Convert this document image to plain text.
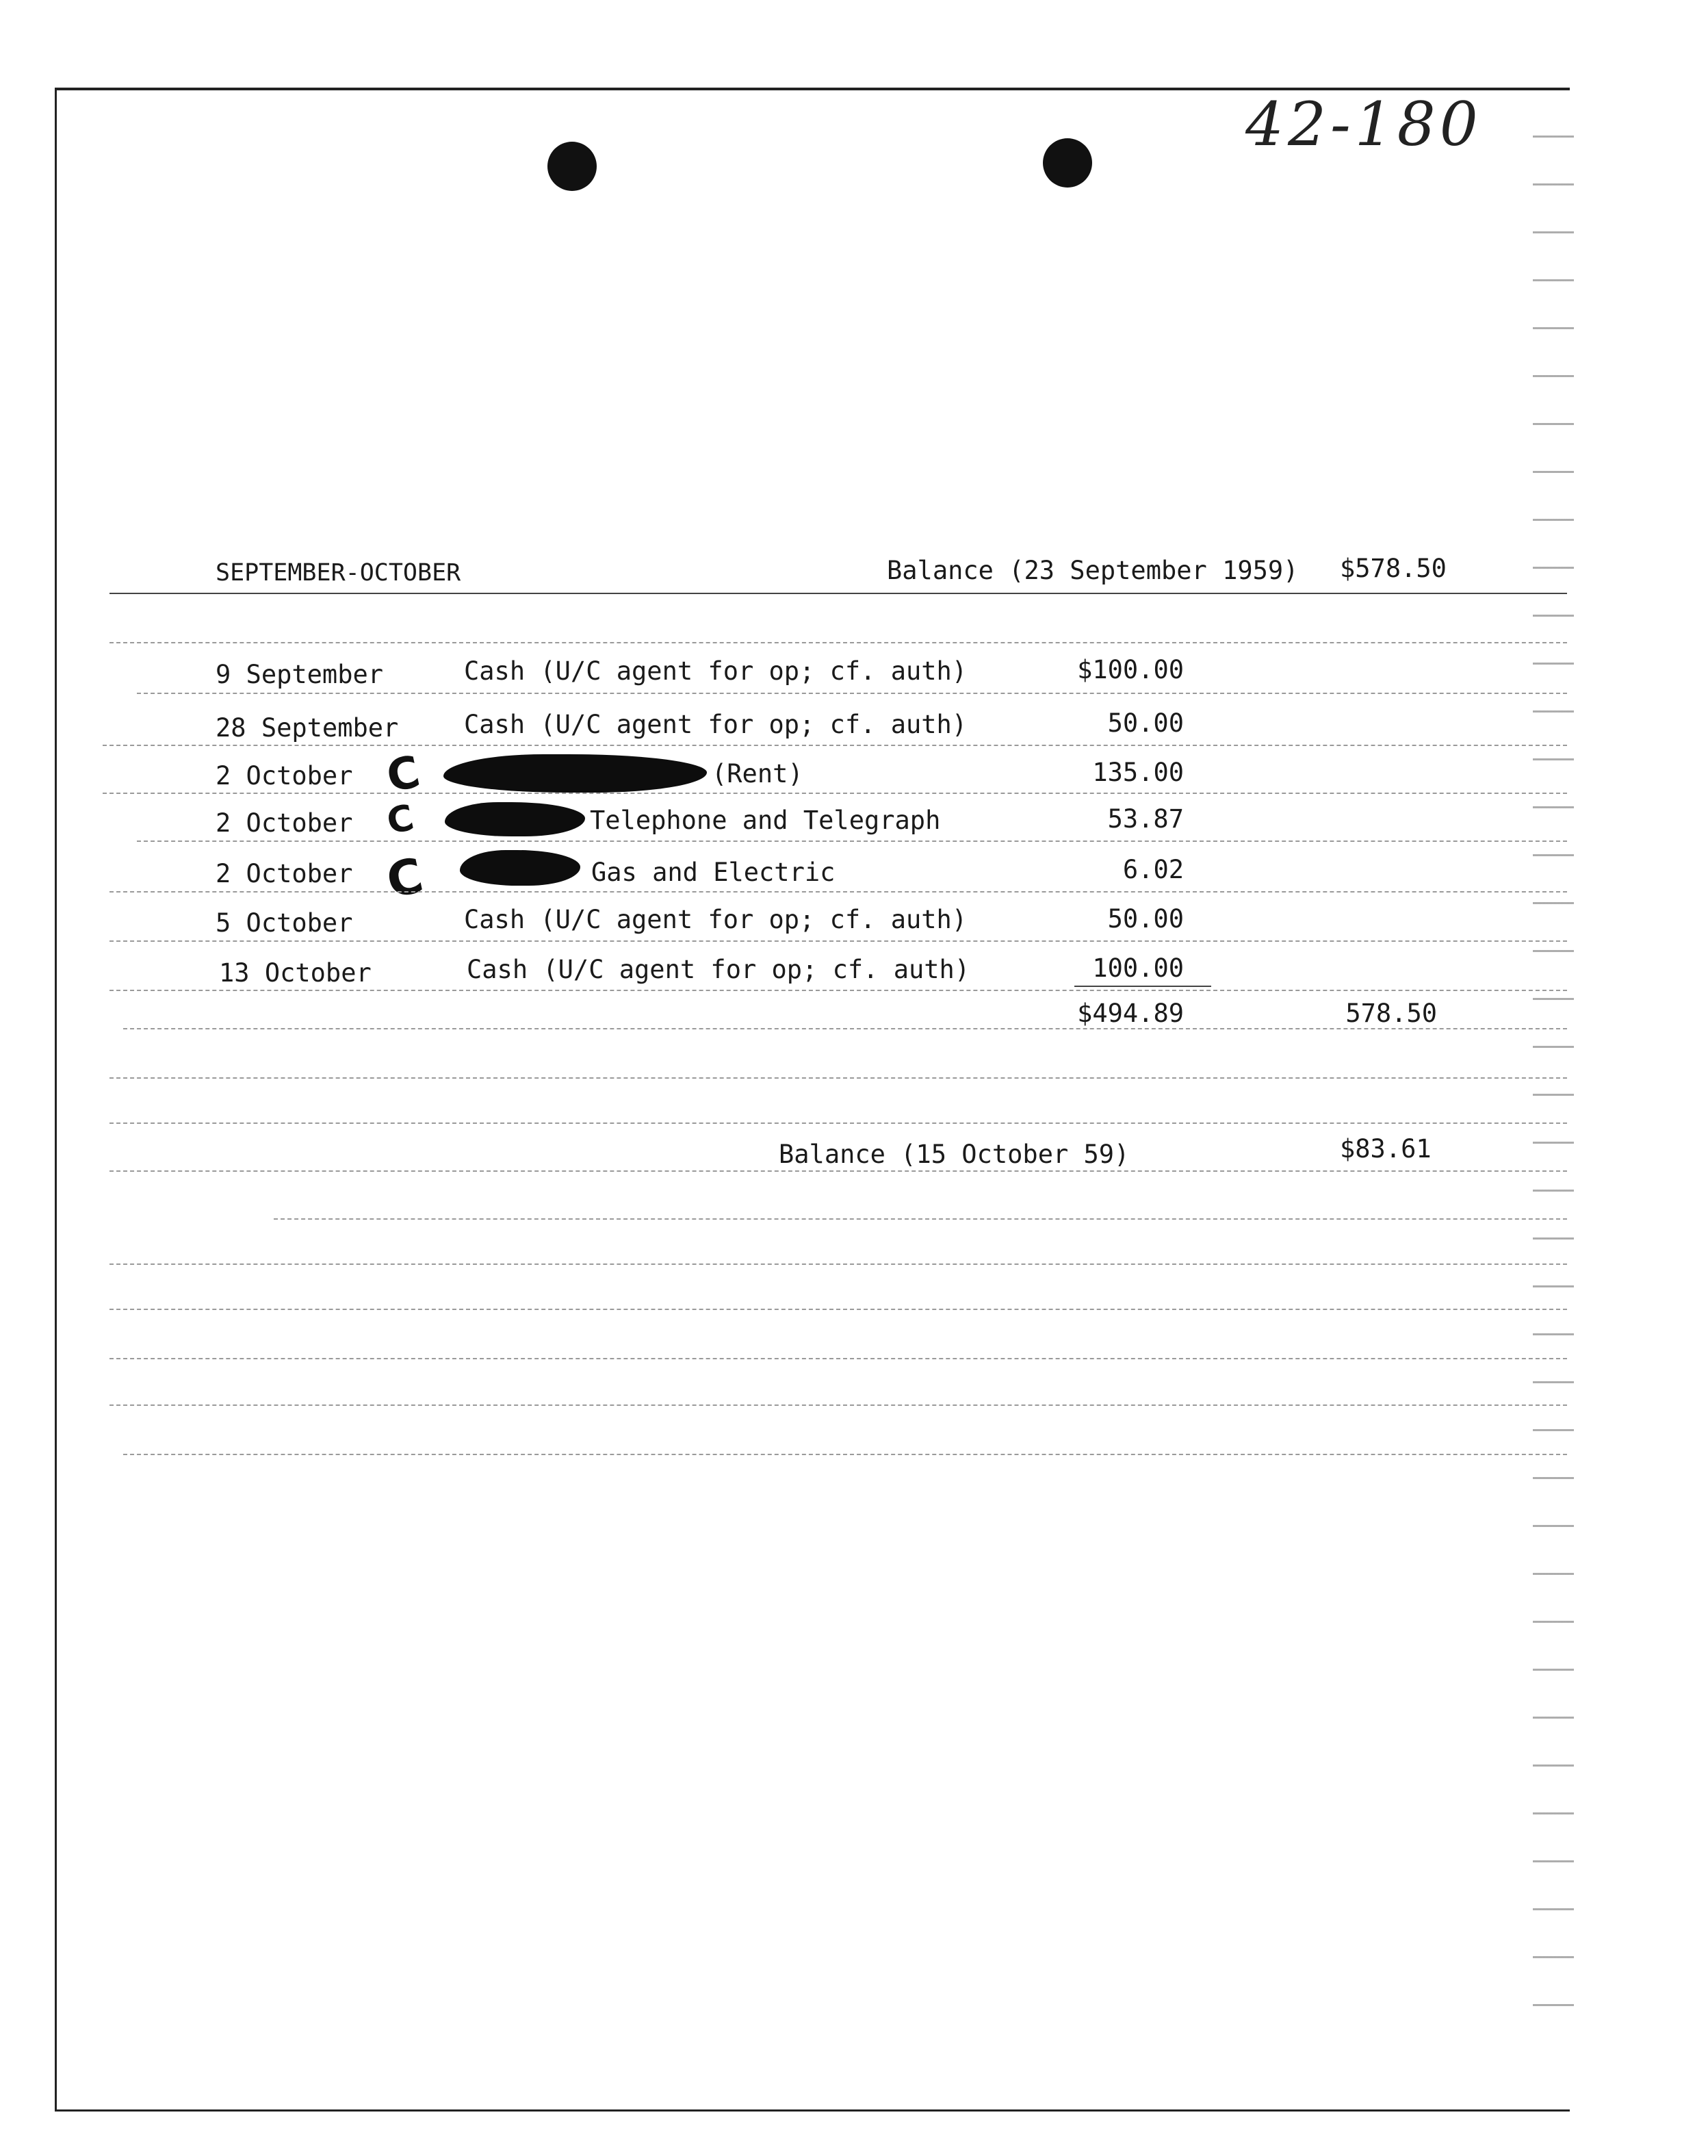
42-180
SEPTEMBER-OCTOBER	Balance (23 September 1959) $578.50
9 September	Cash (U/C agent for op; cf. auth)	$100.00
28 September	Cash (U/C agent for op; cf. auth)	50.00
2 October C	(Rent)	135.00
2 October C	Telephone and Telegraph	53.87
2 October C	Gas and Electric	6.02
5 October	Cash (U/C agent for op; cf. auth)	50.00
13 October	Cash (U/C agent for op; cf. auth)	100.00
$494.89	578.50
Balance (15 October 59)	$83.61
